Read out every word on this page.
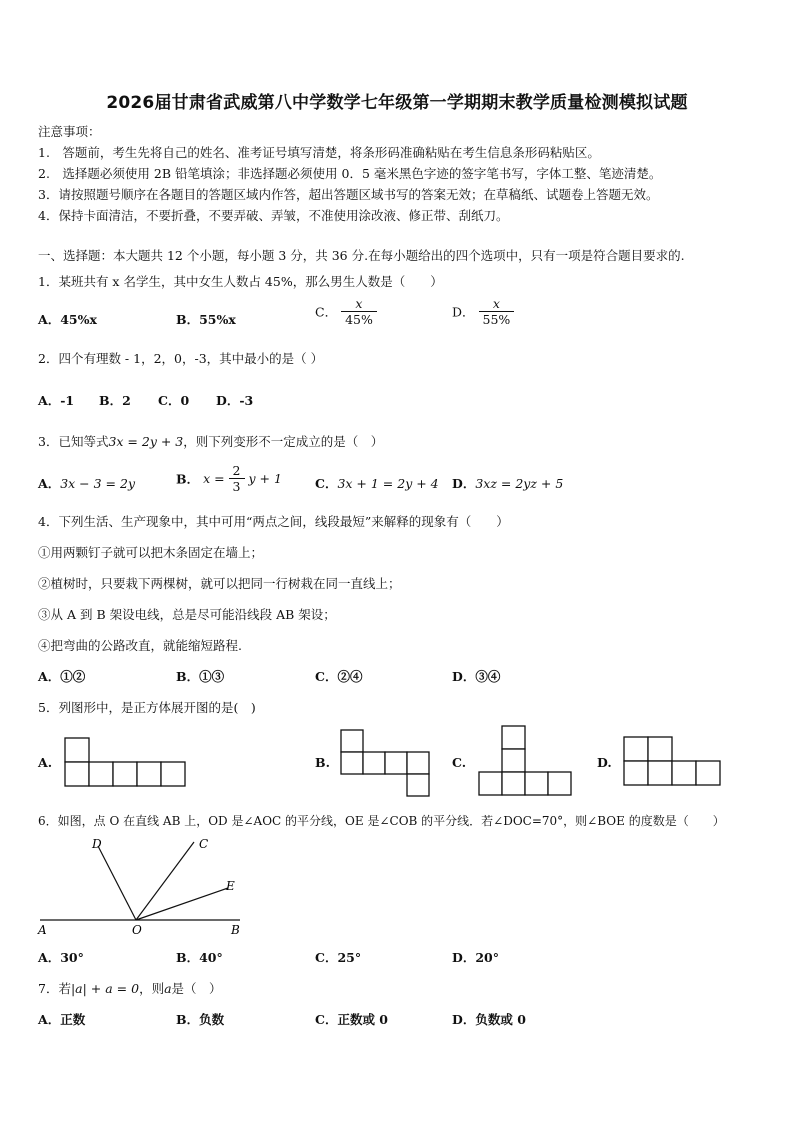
2026届甘肃省武威第八中学数学七年级第一学期期末教学质量检测模拟试题
注意事项：
1.　答题前，考生先将自己的姓名、准考证号填写清楚，将条形码准确粘贴在考生信息条形码粘贴区。
2.　选择题必须使用 2B 铅笔填涂；非选择题必须使用 0．5 毫米黑色字迹的签字笔书写，字体工整、笔迹清楚。
3．请按照题号顺序在各题目的答题区域内作答，超出答题区域书写的答案无效；在草稿纸、试题卷上答题无效。
4．保持卡面清洁，不要折叠，不要弄破、弄皱，不准使用涂改液、修正带、刮纸刀。
一、选择题：本大题共 12 个小题，每小题 3 分，共 36 分.在每小题给出的四个选项中，只有一项是符合题目要求的.
1．某班共有 x 名学生，其中女生人数占 45%，那么男生人数是（　　）
A．45%x	B．55%x	C． $\frac{x}{45\%}$	D． $\frac{x}{55\%}$
2．四个有理数 - 1，2，0，-3，其中最小的是（ ）
A．-1 B．2 C．0 D．-3
3．已知等式3x = 2y + 3，则下列变形不一定成立的是（　）
A．3x − 3 = 2y	B． $x = \frac{2}{3}$ y + 1	C．3x + 1 = 2y + 4 D．3xz = 2yz + 5
4．下列生活、生产现象中，其中可用“两点之间，线段最短”来解释的现象有（　　）
①用两颗钉子就可以把木条固定在墙上；
②植树时，只要栽下两棵树，就可以把同一行树栽在同一直线上；
③从 A 到 B 架设电线，总是尽可能沿线段 AB 架设；
④把弯曲的公路改直，就能缩短路程.
A．①②	B．①③	C．②④	D．③④
5．列图形中，是正方体展开图的是(　)
A.	B.	C.	D.
6．如图，点 O 在直线 AB 上，OD 是∠AOC 的平分线，OE 是∠COB 的平分线．若∠DOC=70°，则∠BOE 的度数是（　　）
D	C
E
A	O	B
A．30°	B．40°	C．25°	D．20°
7．若|a| + a = 0，则a是（　）
A．正数	B．负数	C．正数或 0	D．负数或 0
